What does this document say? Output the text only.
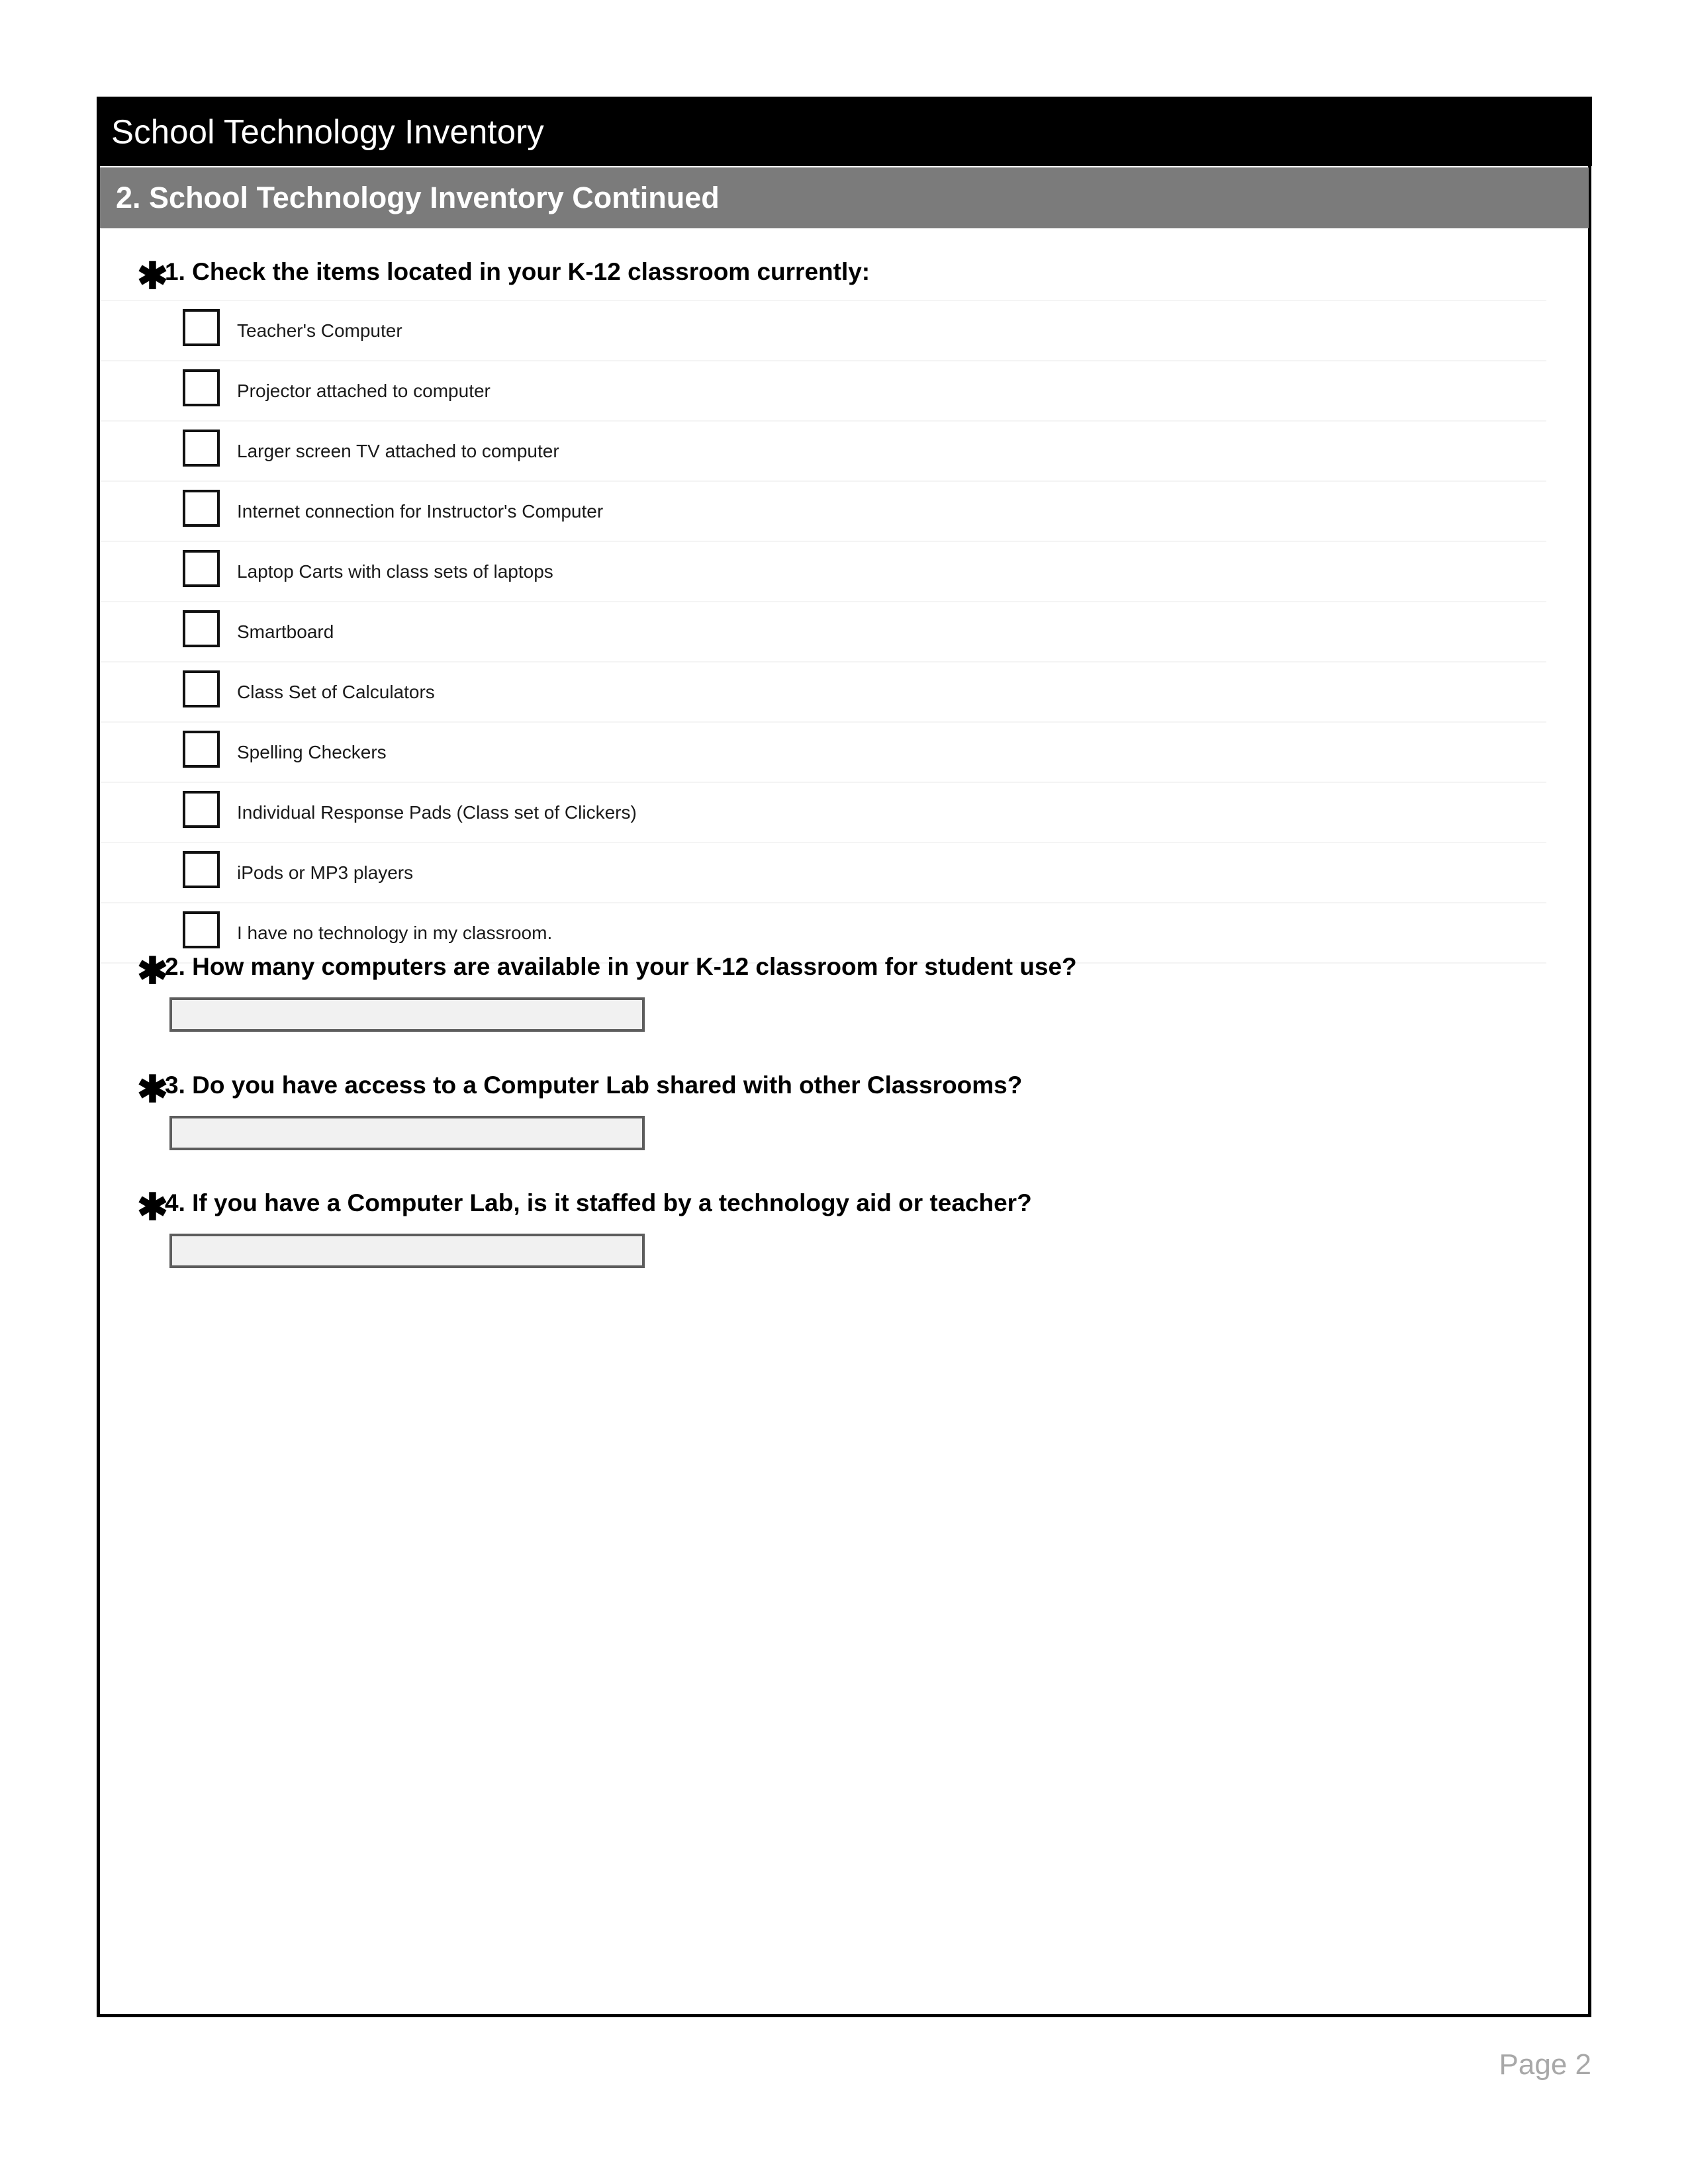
School Technology Inventory
2. School Technology Inventory Continued
✱
1. Check the items located in your K-12 classroom currently:
Teacher's Computer
Projector attached to computer
Larger screen TV attached to computer
Internet connection for Instructor's Computer
Laptop Carts with class sets of laptops
Smartboard
Class Set of Calculators
Spelling Checkers
Individual Response Pads (Class set of Clickers)
iPods or MP3 players
I have no technology in my classroom.
✱
2. How many computers are available in your K-12 classroom for student use?
✱
3. Do you have access to a Computer Lab shared with other Classrooms?
✱
4. If you have a Computer Lab, is it staffed by a technology aid or teacher?
Page 2
